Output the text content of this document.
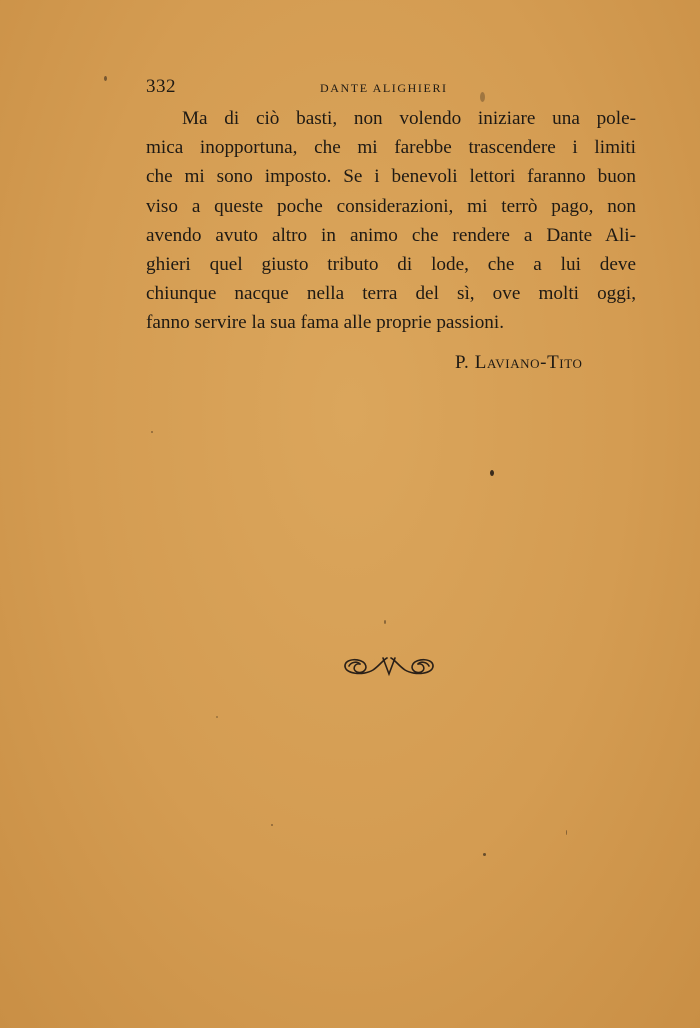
332	DANTE ALIGHIERI
Ma di ciò basti, non volendo iniziare una pole-
mica inopportuna, che mi farebbe trascendere i limiti
che mi sono imposto. Se i benevoli lettori faranno buon
viso a queste poche considerazioni, mi terrò pago, non
avendo avuto altro in animo che rendere a Dante Ali-
ghieri quel giusto tributo di lode, che a lui deve
chiunque nacque nella terra del sì, ove molti oggi,
fanno servire la sua fama alle proprie passioni.
P. Laviano-Tito
